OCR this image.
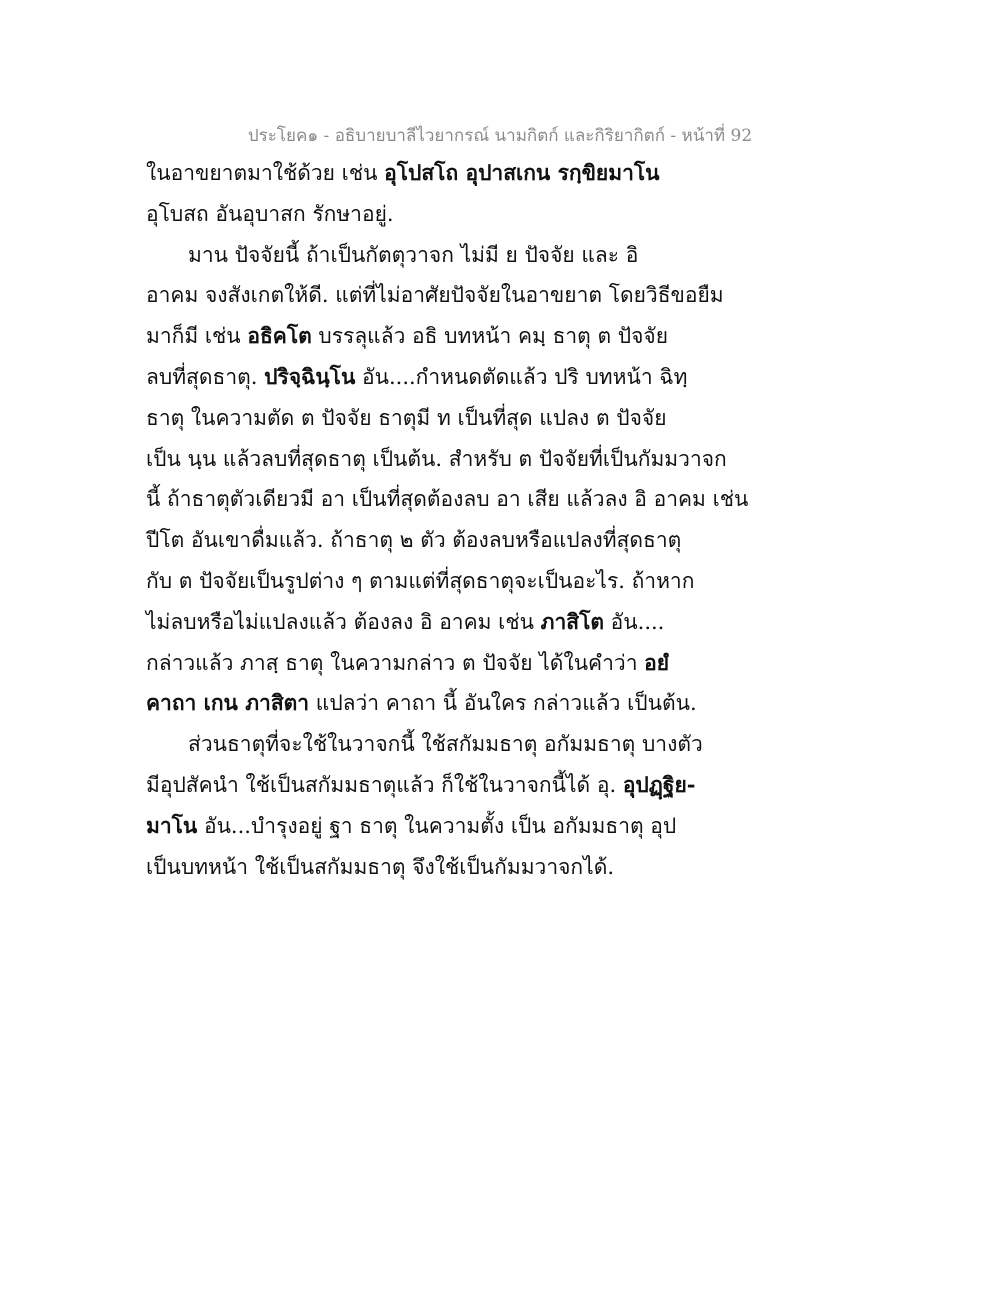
ประโยค๑ - อธิบายบาลีไวยากรณ์ นามกิตก์ และกิริยากิตก์ - หน้าที่ 92
ในอาขยาตมาใช้ด้วย เช่น อุโปสโถ อุปาสเกน รกฺขิยมาโน
อุโบสถ อันอุบาสก รักษาอยู่.
มาน ปัจจัยนี้ ถ้าเป็นกัตตุวาจก ไม่มี ย ปัจจัย และ อิ
อาคม จงสังเกตให้ดี. แต่ที่ไม่อาศัยปัจจัยในอาขยาต โดยวิธีขอยืม
มาก็มี เช่น อธิคโต บรรลุแล้ว อธิ บทหน้า คมฺ ธาตุ ต ปัจจัย
ลบที่สุดธาตุ. ปริจฺฉินฺโน อัน....กำหนดตัดแล้ว ปริ บทหน้า ฉิทฺ
ธาตุ ในความตัด ต ปัจจัย ธาตุมี ท เป็นที่สุด แปลง ต ปัจจัย
เป็น นฺน แล้วลบที่สุดธาตุ เป็นต้น. สำหรับ ต ปัจจัยที่เป็นกัมมวาจก
นี้ ถ้าธาตุตัวเดียวมี อา เป็นที่สุดต้องลบ อา เสีย แล้วลง อิ อาคม เช่น
ปีโต อันเขาดื่มแล้ว. ถ้าธาตุ ๒ ตัว ต้องลบหรือแปลงที่สุดธาตุ
กับ ต ปัจจัยเป็นรูปต่าง ๆ ตามแต่ที่สุดธาตุจะเป็นอะไร. ถ้าหาก
ไม่ลบหรือไม่แปลงแล้ว ต้องลง อิ อาคม เช่น ภาสิโต อัน....
กล่าวแล้ว ภาสฺ ธาตุ ในความกล่าว ต ปัจจัย ได้ในคำว่า อยํ
คาถา เกน ภาสิตา แปลว่า คาถา นี้ อันใคร กล่าวแล้ว เป็นต้น.
ส่วนธาตุที่จะใช้ในวาจกนี้ ใช้สกัมมธาตุ อกัมมธาตุ บางตัว
มีอุปสัคนำ ใช้เป็นสกัมมธาตุแล้ว ก็ใช้ในวาจกนี้ได้ อุ. อุปฏฺฐิย-
มาโน อัน...บำรุงอยู่ ฐา ธาตุ ในความตั้ง เป็น อกัมมธาตุ อุป
เป็นบทหน้า ใช้เป็นสกัมมธาตุ จึงใช้เป็นกัมมวาจกได้.
